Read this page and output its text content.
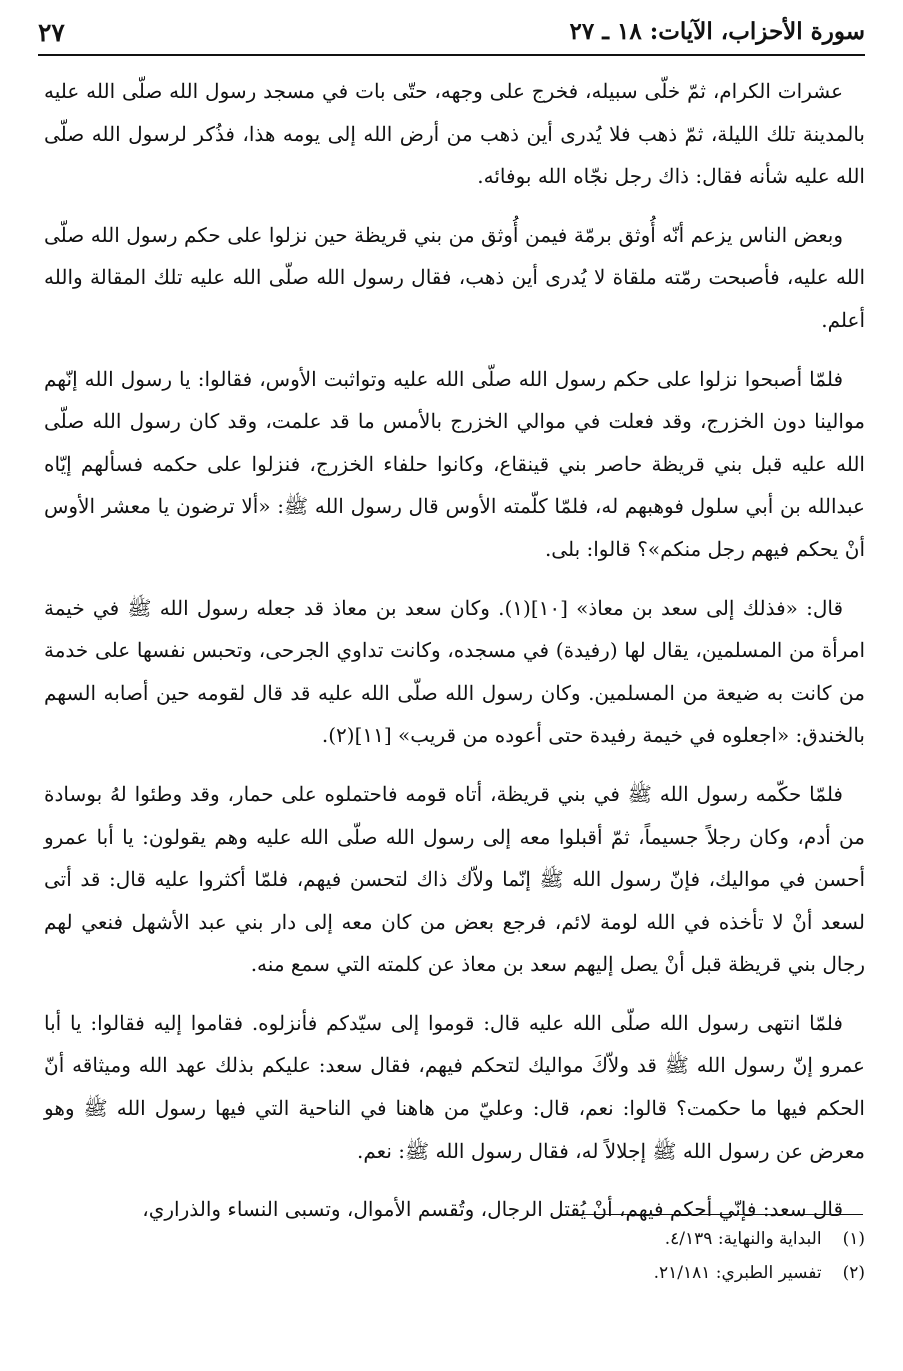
سورة الأحزاب، الآيات: ١٨ ـ ٢٧
٢٧

عشرات الكرام، ثمّ خلّى سبيله، فخرج على وجهه، حتّى بات في مسجد رسول الله صلّى الله عليه بالمدينة تلك الليلة، ثمّ ذهب فلا يُدرى أين ذهب من أرض الله إلى يومه هذا، فذُكر لرسول الله صلّى الله عليه شأنه فقال: ذاك رجل نجّاه الله بوفائه.

وبعض الناس يزعم أنّه أُوثق برمّة فيمن أُوثق من بني قريظة حين نزلوا على حكم رسول الله صلّى الله عليه، فأصبحت رمّته ملقاة لا يُدرى أين ذهب، فقال رسول الله صلّى الله عليه تلك المقالة والله أعلم.

فلمّا أصبحوا نزلوا على حكم رسول الله صلّى الله عليه وتواثبت الأوس، فقالوا: يا رسول الله إنّهم موالينا دون الخزرج، وقد فعلت في موالي الخزرج بالأمس ما قد علمت، وقد كان رسول الله صلّى الله عليه قبل بني قريظة حاصر بني قينقاع، وكانوا حلفاء الخزرج، فنزلوا على حكمه فسألهم إيّاه عبدالله بن أبي سلول فوهبهم له، فلمّا كلّمته الأوس قال رسول الله ﷺ: «ألا ترضون يا معشر الأوس أنْ يحكم فيهم رجل منكم»؟ قالوا: بلى.

قال: «فذلك إلى سعد بن معاذ» [١٠](١). وكان سعد بن معاذ قد جعله رسول الله ﷺ في خيمة امرأة من المسلمين، يقال لها (رفيدة) في مسجده، وكانت تداوي الجرحى، وتحبس نفسها على خدمة من كانت به ضيعة من المسلمين. وكان رسول الله صلّى الله عليه قد قال لقومه حين أصابه السهم بالخندق: «اجعلوه في خيمة رفيدة حتى أعوده من قريب» [١١](٢).

فلمّا حكّمه رسول الله ﷺ في بني قريظة، أتاه قومه فاحتملوه على حمار، وقد وطئوا لهُ بوسادة من أدم، وكان رجلاً جسيماً، ثمّ أقبلوا معه إلى رسول الله صلّى الله عليه وهم يقولون: يا أبا عمرو أحسن في مواليك، فإنّ رسول الله ﷺ إنّما ولاّك ذاك لتحسن فيهم، فلمّا أكثروا عليه قال: قد أتى لسعد أنْ لا تأخذه في الله لومة لائم، فرجع بعض من كان معه إلى دار بني عبد الأشهل فنعي لهم رجال بني قريظة قبل أنْ يصل إليهم سعد بن معاذ عن كلمته التي سمع منه.

فلمّا انتهى رسول الله صلّى الله عليه قال: قوموا إلى سيّدكم فأنزلوه. فقاموا إليه فقالوا: يا أبا عمرو إنّ رسول الله ﷺ قد ولاّكَ مواليك لتحكم فيهم، فقال سعد: عليكم بذلك عهد الله وميثاقه أنّ الحكم فيها ما حكمت؟ قالوا: نعم، قال: وعليّ من هاهنا في الناحية التي فيها رسول الله ﷺ وهو معرض عن رسول الله ﷺ إجلالاً له، فقال رسول الله ﷺ: نعم.

قال سعد: فإنّي أحكم فيهم، أنْ يُقتل الرجال، وتُقسم الأموال، وتسبى النساء والذراري،

(١) البداية والنهاية: ٤/١٣٩.

(٢) تفسير الطبري: ٢١/١٨١.
